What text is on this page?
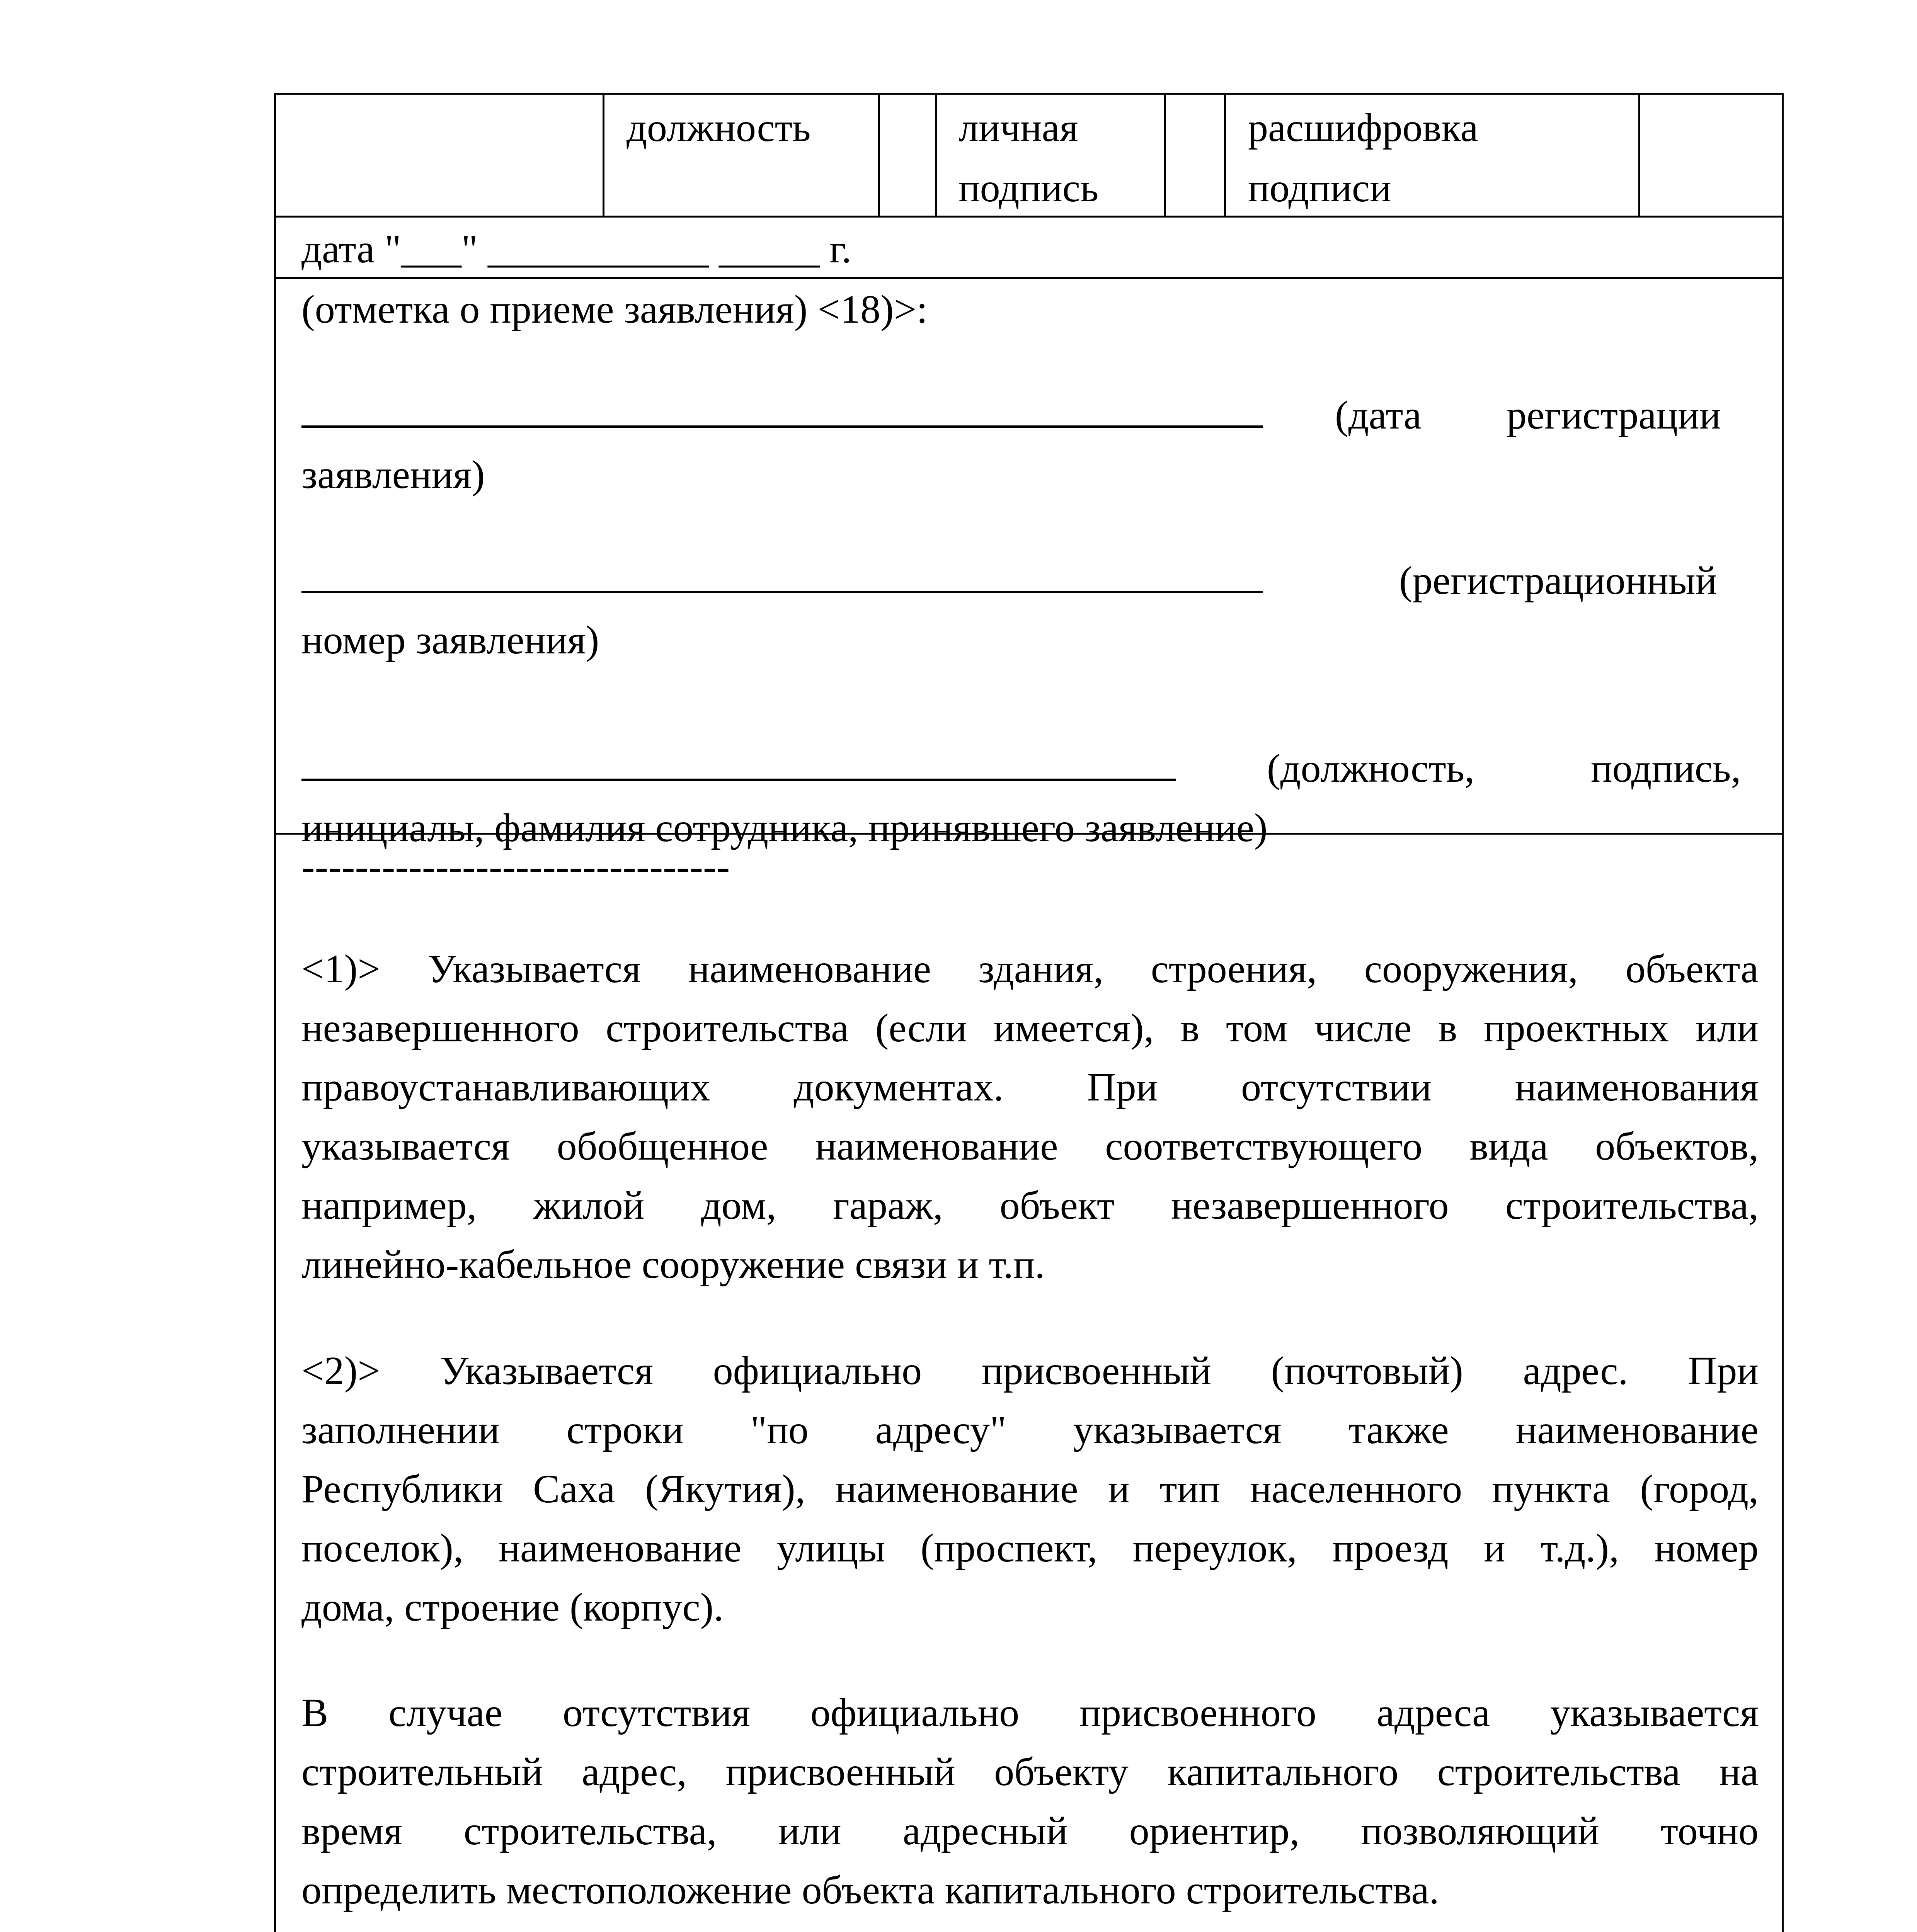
должность	личная
подпись
расшифровка
подписи
дата "___" ___________ _____ г.
(отметка о приеме заявления) <18)>:
(дата регистрации
заявления)
(регистрационный
номер заявления)
(должность,	подпись,
инициалы, фамилия сотрудника, принявшего заявление)
--------------------------------
<1)> Указывается наименование здания, строения, сооружения, объекта
незавершенного строительства (если имеется), в том числе в проектных или
правоустанавливающих документах. При отсутствии наименования
указывается обобщенное наименование соответствующего вида объектов,
например, жилой дом, гараж, объект незавершенного строительства,
линейно-кабельное сооружение связи и т.п.
<2)> Указывается официально присвоенный (почтовый) адрес. При
заполнении строки "по адресу" указывается также наименование
Республики Саха (Якутия), наименование и тип населенного пункта (город,
поселок), наименование улицы (проспект, переулок, проезд и т.д.), номер
дома, строение (корпус).
В случае отсутствия официально присвоенного адреса указывается
строительный адрес, присвоенный объекту капитального строительства на
время строительства, или адресный ориентир, позволяющий точно
определить местоположение объекта капитального строительства.
